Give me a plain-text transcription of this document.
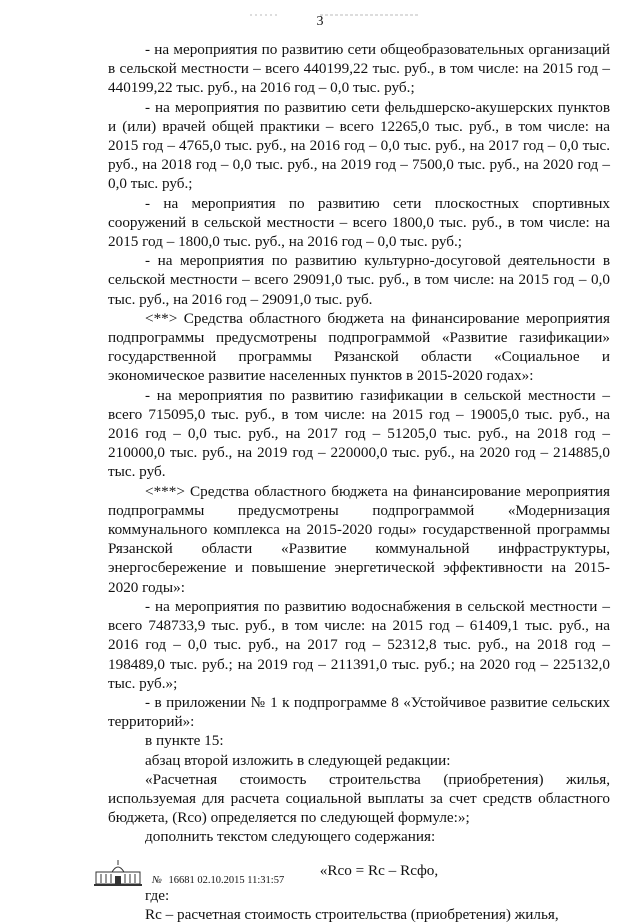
3

- на мероприятия по развитию сети общеобразовательных организаций в сельской местности – всего 440199,22 тыс. руб., в том числе: на 2015 год – 440199,22 тыс. руб., на 2016 год – 0,0 тыс. руб.;

- на мероприятия по развитию сети фельдшерско-акушерских пунктов и (или) врачей общей практики – всего 12265,0 тыс. руб., в том числе: на 2015 год – 4765,0 тыс. руб., на 2016 год – 0,0 тыс. руб., на 2017 год – 0,0 тыс. руб., на 2018 год – 0,0 тыс. руб., на 2019 год – 7500,0 тыс. руб., на 2020 год – 0,0 тыс. руб.;

- на мероприятия по развитию сети плоскостных спортивных сооружений в сельской местности – всего 1800,0 тыс. руб., в том числе: на 2015 год – 1800,0 тыс. руб., на 2016 год – 0,0 тыс. руб.;

- на мероприятия по развитию культурно-досуговой деятельности в сельской местности – всего 29091,0 тыс. руб., в том числе: на 2015 год – 0,0 тыс. руб., на 2016 год – 29091,0 тыс. руб.

<**> Средства областного бюджета на финансирование мероприятия подпрограммы предусмотрены подпрограммой «Развитие газификации» государственной программы Рязанской области «Социальное и экономическое развитие населенных пунктов в 2015-2020 годах»:

- на мероприятия по развитию газификации в сельской местности – всего 715095,0 тыс. руб., в том числе: на 2015 год – 19005,0 тыс. руб., на 2016 год – 0,0 тыс. руб., на 2017 год – 51205,0 тыс. руб., на 2018 год – 210000,0 тыс. руб., на 2019 год – 220000,0 тыс. руб., на 2020 год – 214885,0 тыс. руб.

<***> Средства областного бюджета на финансирование мероприятия подпрограммы предусмотрены подпрограммой «Модернизация коммунального комплекса на 2015-2020 годы» государственной программы Рязанской области «Развитие коммунальной инфраструктуры, энергосбережение и повышение энергетической эффективности на 2015-2020 годы»:

- на мероприятия по развитию водоснабжения в сельской местности – всего 748733,9 тыс. руб., в том числе: на 2015 год – 61409,1 тыс. руб., на 2016 год – 0,0 тыс. руб., на 2017 год – 52312,8 тыс. руб., на 2018 год – 198489,0 тыс. руб.; на 2019 год – 211391,0 тыс. руб.; на 2020 год – 225132,0 тыс. руб.»;

- в приложении № 1 к подпрограмме 8 «Устойчивое развитие сельских территорий»:

в пункте 15:

абзац второй изложить в следующей редакции:

«Расчетная стоимость строительства (приобретения) жилья, используемая для расчета социальной выплаты за счет средств областного бюджета, (Rco) определяется по следующей формуле:»;

дополнить текстом следующего содержания:

«Rco = Rc – Rcфо,

где:

Rc – расчетная стоимость строительства (приобретения) жилья,

№ 16681 02.10.2015 11:31:57
